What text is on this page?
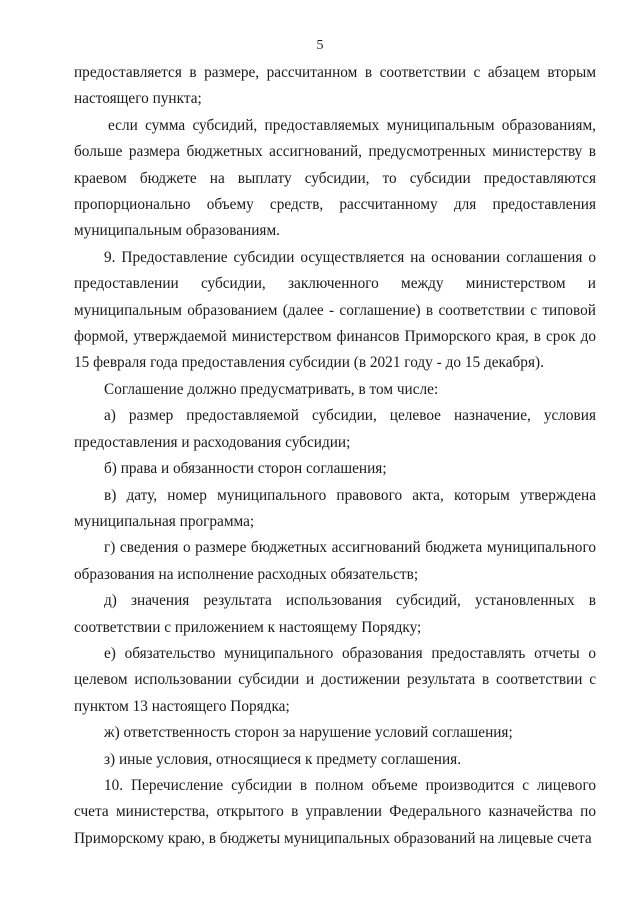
5

предоставляется в размере, рассчитанном в соответствии с абзацем вторым настоящего пункта;

если сумма субсидий, предоставляемых муниципальным образованиям, больше размера бюджетных ассигнований, предусмотренных министерству в краевом бюджете на выплату субсидии, то субсидии предоставляются пропорционально объему средств, рассчитанному для предоставления муниципальным образованиям.

9. Предоставление субсидии осуществляется на основании соглашения о предоставлении субсидии, заключенного между министерством и муниципальным образованием (далее - соглашение) в соответствии с типовой формой, утверждаемой министерством финансов Приморского края, в срок до 15 февраля года предоставления субсидии (в 2021 году - до 15 декабря).

Соглашение должно предусматривать, в том числе:

а) размер предоставляемой субсидии, целевое назначение, условия предоставления и расходования субсидии;

б) права и обязанности сторон соглашения;

в) дату, номер муниципального правового акта, которым утверждена муниципальная программа;

г) сведения о размере бюджетных ассигнований бюджета муниципального образования на исполнение расходных обязательств;

д) значения результата использования субсидий, установленных в соответствии с приложением к настоящему Порядку;

е) обязательство муниципального образования предоставлять отчеты о целевом использовании субсидии и достижении результата в соответствии с пунктом 13 настоящего Порядка;

ж) ответственность сторон за нарушение условий соглашения;

з) иные условия, относящиеся к предмету соглашения.

10. Перечисление субсидии в полном объеме производится с лицевого счета министерства, открытого в управлении Федерального казначейства по Приморскому краю, в бюджеты муниципальных образований на лицевые счета
